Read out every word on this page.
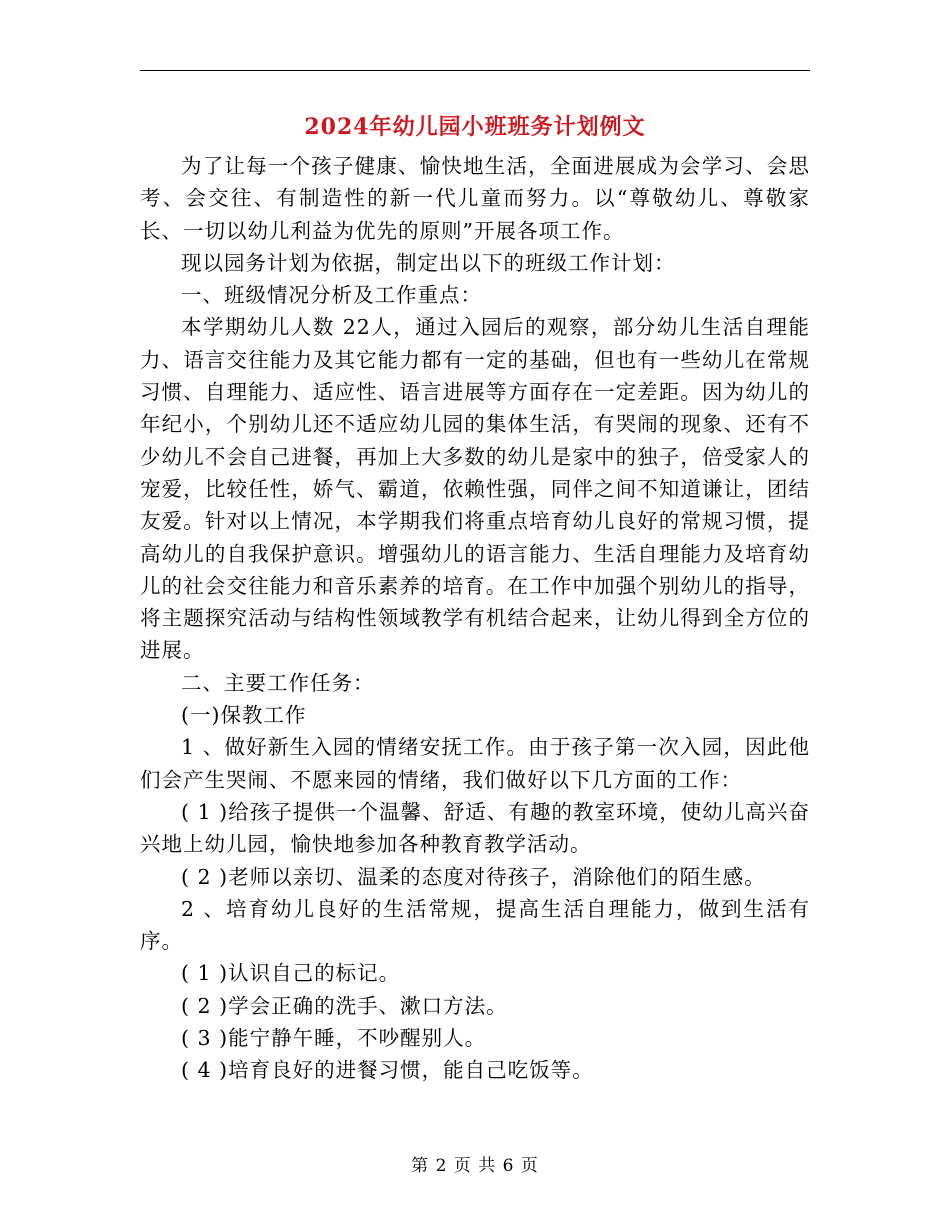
2024年幼儿园小班班务计划例文

为了让每一个孩子健康、愉快地生活，全面进展成为会学习、会思考、会交往、有制造性的新一代儿童而努力。以“尊敬幼儿、尊敬家长、一切以幼儿利益为优先的原则”开展各项工作。

现以园务计划为依据，制定出以下的班级工作计划：

一、班级情况分析及工作重点：

本学期幼儿人数 22人，通过入园后的观察，部分幼儿生活自理能力、语言交往能力及其它能力都有一定的基础，但也有一些幼儿在常规习惯、自理能力、适应性、语言进展等方面存在一定差距。因为幼儿的年纪小，个别幼儿还不适应幼儿园的集体生活，有哭闹的现象、还有不少幼儿不会自己进餐，再加上大多数的幼儿是家中的独子，倍受家人的宠爱，比较任性，娇气、霸道，依赖性强，同伴之间不知道谦让，团结友爱。针对以上情况，本学期我们将重点培育幼儿良好的常规习惯，提高幼儿的自我保护意识。增强幼儿的语言能力、生活自理能力及培育幼儿的社会交往能力和音乐素养的培育。在工作中加强个别幼儿的指导，将主题探究活动与结构性领域教学有机结合起来，让幼儿得到全方位的进展。

二、主要工作任务：

(一)保教工作

1 、做好新生入园的情绪安抚工作。由于孩子第一次入园，因此他们会产生哭闹、不愿来园的情绪，我们做好以下几方面的工作：

( 1 )给孩子提供一个温馨、舒适、有趣的教室环境，使幼儿高兴奋兴地上幼儿园，愉快地参加各种教育教学活动。

( 2 )老师以亲切、温柔的态度对待孩子，消除他们的陌生感。

2 、培育幼儿良好的生活常规，提高生活自理能力，做到生活有序。

( 1 )认识自己的标记。

( 2 )学会正确的洗手、漱口方法。

( 3 )能宁静午睡，不吵醒别人。

( 4 )培育良好的进餐习惯，能自己吃饭等。

第 2 页 共 6 页
